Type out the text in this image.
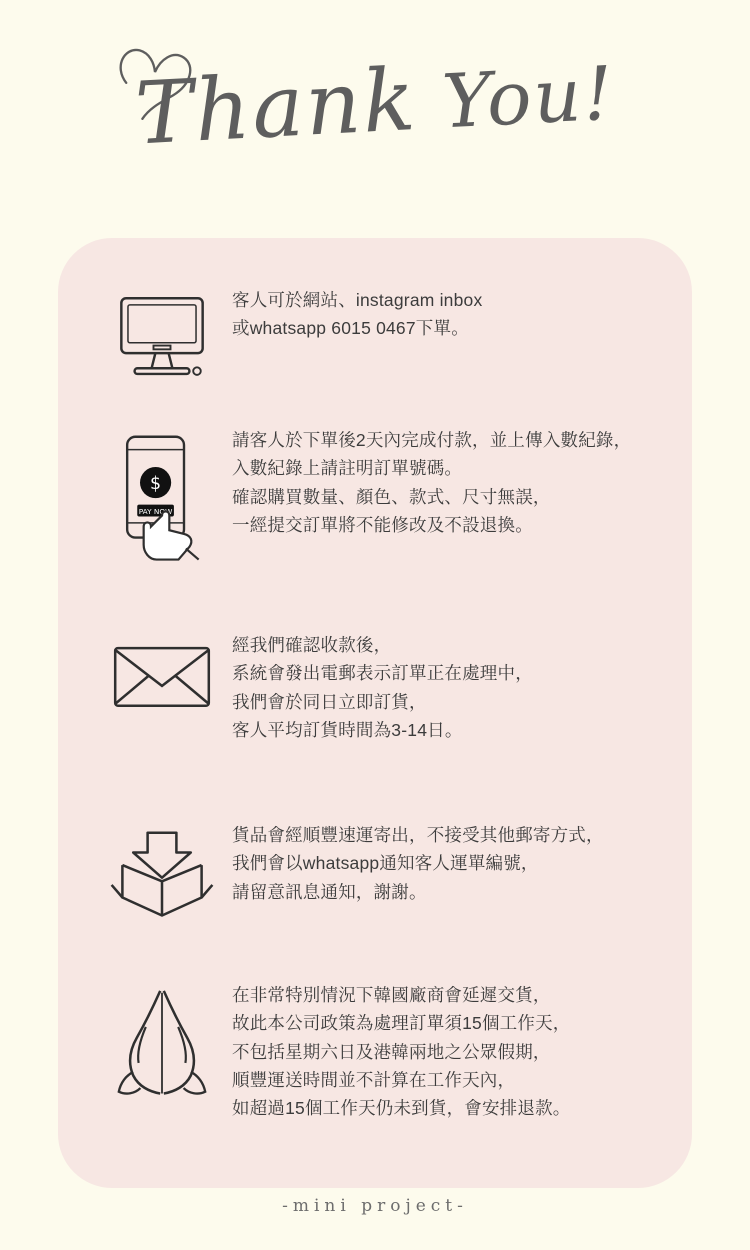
Thank You!
客人可於網站、instagram inbox
或whatsapp 6015 0467下單。
$
PAY NOW
請客人於下單後2天內完成付款，並上傳入數紀錄，
入數紀錄上請註明訂單號碼。
確認購買數量、顏色、款式、尺寸無誤，
一經提交訂單將不能修改及不設退換。
經我們確認收款後，
系統會發出電郵表示訂單正在處理中，
我們會於同日立即訂貨，
客人平均訂貨時間為3-14日。
貨品會經順豐速運寄出，不接受其他郵寄方式，
我們會以whatsapp通知客人運單編號，
請留意訊息通知，謝謝。
在非常特別情況下韓國廠商會延遲交貨，
故此本公司政策為處理訂單須15個工作天，
不包括星期六日及港韓兩地之公眾假期，
順豐運送時間並不計算在工作天內，
如超過15個工作天仍未到貨，會安排退款。
-mini project-
